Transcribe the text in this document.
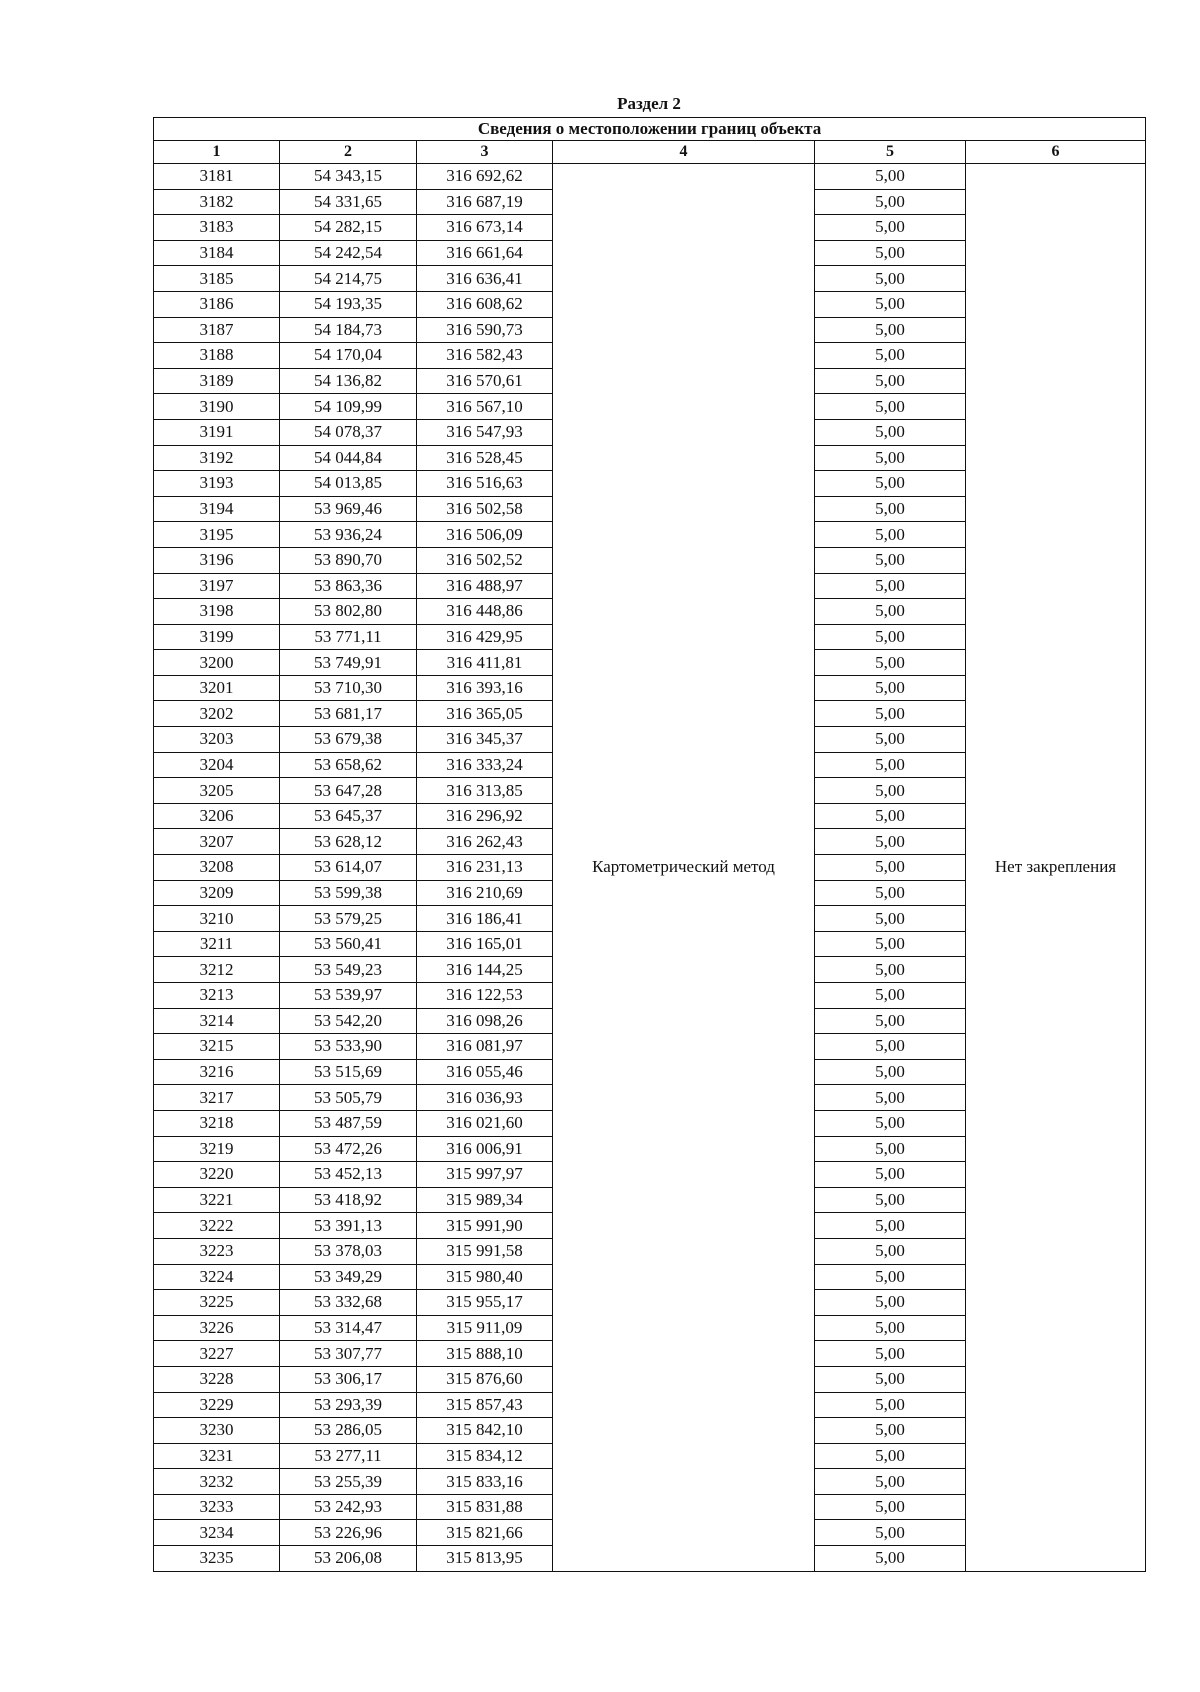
Раздел 2
Сведения о местоположении границ объекта					
1	2	3	4	5	6
3181	54 343,15	316 692,62	Картометрический метод	5,00	Нет закрепления
3182	54 331,65	316 687,19		5,00	
3183	54 282,15	316 673,14		5,00	
3184	54 242,54	316 661,64		5,00	
3185	54 214,75	316 636,41		5,00	
3186	54 193,35	316 608,62		5,00	
3187	54 184,73	316 590,73		5,00	
3188	54 170,04	316 582,43		5,00	
3189	54 136,82	316 570,61		5,00	
3190	54 109,99	316 567,10		5,00	
3191	54 078,37	316 547,93		5,00	
3192	54 044,84	316 528,45		5,00	
3193	54 013,85	316 516,63		5,00	
3194	53 969,46	316 502,58		5,00	
3195	53 936,24	316 506,09		5,00	
3196	53 890,70	316 502,52		5,00	
3197	53 863,36	316 488,97		5,00	
3198	53 802,80	316 448,86		5,00	
3199	53 771,11	316 429,95		5,00	
3200	53 749,91	316 411,81		5,00	
3201	53 710,30	316 393,16		5,00	
3202	53 681,17	316 365,05		5,00	
3203	53 679,38	316 345,37		5,00	
3204	53 658,62	316 333,24		5,00	
3205	53 647,28	316 313,85		5,00	
3206	53 645,37	316 296,92		5,00	
3207	53 628,12	316 262,43		5,00	
3208	53 614,07	316 231,13		5,00	
3209	53 599,38	316 210,69		5,00	
3210	53 579,25	316 186,41		5,00	
3211	53 560,41	316 165,01		5,00	
3212	53 549,23	316 144,25		5,00	
3213	53 539,97	316 122,53		5,00	
3214	53 542,20	316 098,26		5,00	
3215	53 533,90	316 081,97		5,00	
3216	53 515,69	316 055,46		5,00	
3217	53 505,79	316 036,93		5,00	
3218	53 487,59	316 021,60		5,00	
3219	53 472,26	316 006,91		5,00	
3220	53 452,13	315 997,97		5,00	
3221	53 418,92	315 989,34		5,00	
3222	53 391,13	315 991,90		5,00	
3223	53 378,03	315 991,58		5,00	
3224	53 349,29	315 980,40		5,00	
3225	53 332,68	315 955,17		5,00	
3226	53 314,47	315 911,09		5,00	
3227	53 307,77	315 888,10		5,00	
3228	53 306,17	315 876,60		5,00	
3229	53 293,39	315 857,43		5,00	
3230	53 286,05	315 842,10		5,00	
3231	53 277,11	315 834,12		5,00	
3232	53 255,39	315 833,16		5,00	
3233	53 242,93	315 831,88		5,00	
3234	53 226,96	315 821,66		5,00	
3235	53 206,08	315 813,95		5,00	
